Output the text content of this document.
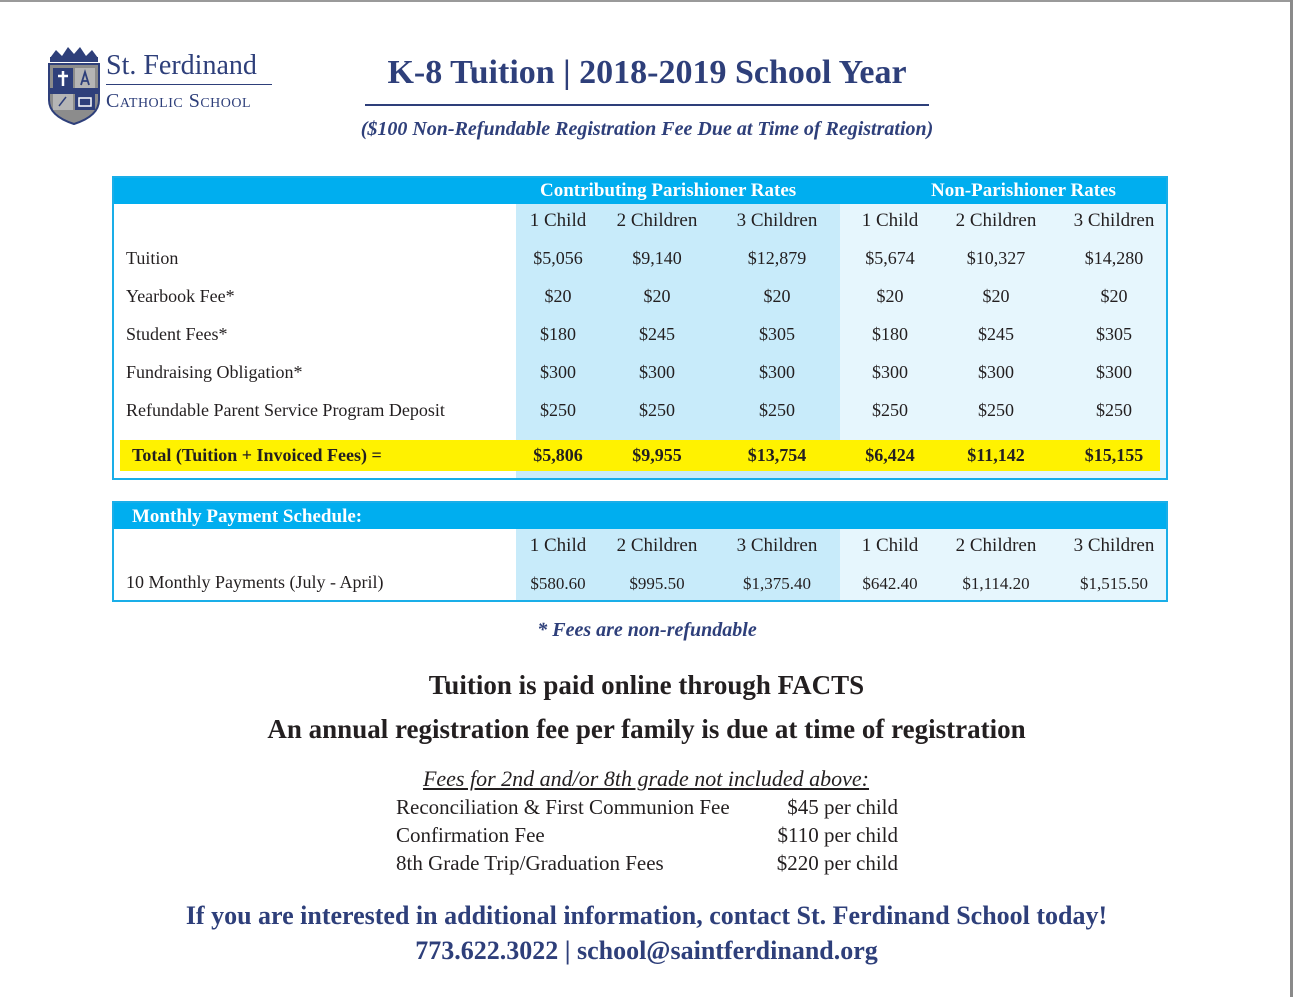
St. Ferdinand
Catholic School
K-8 Tuition | 2018-2019 School Year
($100 Non-Refundable Registration Fee Due at Time of Registration)
Contributing Parishioner Rates	Non-Parishioner Rates
1 Child	2 Children	3 Children	1 Child	2 Children	3 Children
Tuition	$5,056	$9,140	$12,879	$5,674	$10,327	$14,280
Yearbook Fee*	$20	$20	$20	$20	$20	$20
Student Fees*	$180	$245	$305	$180	$245	$305
Fundraising Obligation*	$300	$300	$300	$300	$300	$300
Refundable Parent Service Program Deposit	$250	$250	$250	$250	$250	$250
Total (Tuition + Invoiced Fees) =	$5,806	$9,955	$13,754	$6,424	$11,142	$15,155
Monthly Payment Schedule:
1 Child	2 Children	3 Children	1 Child	2 Children	3 Children
10 Monthly Payments (July - April)	$580.60	$995.50	$1,375.40	$642.40	$1,114.20	$1,515.50
* Fees are non-refundable
Tuition is paid online through FACTS
An annual registration fee per family is due at time of registration
Fees for 2nd and/or 8th grade not included above:
Reconciliation & First Communion Fee	$45 per child
Confirmation Fee	$110 per child
8th Grade Trip/Graduation Fees	$220 per child
If you are interested in additional information, contact St. Ferdinand School today!
773.622.3022 | school@saintferdinand.org
